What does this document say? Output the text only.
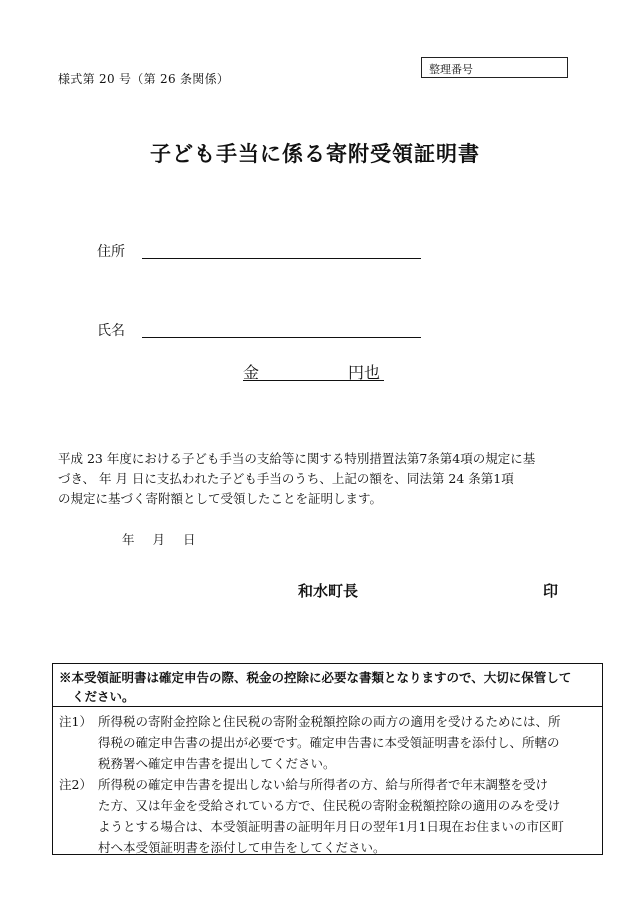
様式第 20 号（第 26 条関係）
整理番号
子ども手当に係る寄附受領証明書
住所
氏名
金	円也
平成 23 年度における子ども手当の支給等に関する特別措置法第7条第4項の規定に基
づき、 年 月 日に支払われた子ども手当のうち、上記の額を、同法第 24 条第1項
の規定に基づく寄附額として受領したことを証明します。
年 月 日
和水町長	印
※本受領証明書は確定申告の際、税金の控除に必要な書類となりますので、大切に保管して
ください。
注1） 所得税の寄附金控除と住民税の寄附金税額控除の両方の適用を受けるためには、所
得税の確定申告書の提出が必要です。確定申告書に本受領証明書を添付し、所轄の
税務署へ確定申告書を提出してください。
注2） 所得税の確定申告書を提出しない給与所得者の方、給与所得者で年末調整を受け
た方、又は年金を受給されている方で、住民税の寄附金税額控除の適用のみを受け
ようとする場合は、本受領証明書の証明年月日の翌年1月1日現在お住まいの市区町
村へ本受領証明書を添付して申告をしてください。
